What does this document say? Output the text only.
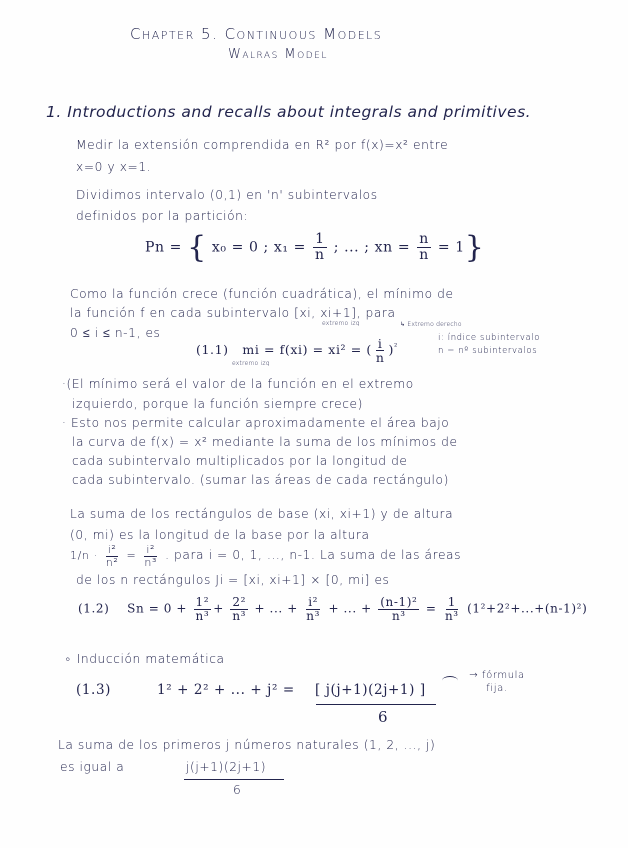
Chapter 5. Continuous Models
Walras Model
1. Introductions and recalls about integrals and primitives.
Medir la extensión comprendida en R² por f(x)=x² entre
x=0 y x=1.
Dividimos intervalo (0,1) en 'n' subintervalos
definidos por la partición:
Pn = { x₀ = 0 ; $x_1 = \frac{1}{n}$ ; ... ; xn = $\frac{n}{n} = 1$}
Como la función crece (función cuadrática), el mínimo de
la función f en cada subintervalo [xi, xi+1], para
extremo izq	↳ Extremo derecho
0 ≤ i ≤ n-1, es
(1.1) mi = f(xi) = xi² = ( $\frac{i}{n} )^{^2}$
extremo izq
i: índice subintervalo
n = nº subintervalos
·(El mínimo será el valor de la función en el extremo
izquierdo, porque la función siempre crece)
· Esto nos permite calcular aproximadamente el área bajo
la curva de f(x) = x² mediante la suma de los mínimos de
cada subintervalo multiplicados por la longitud de
cada subintervalo. (sumar las áreas de cada rectángulo)
La suma de los rectángulos de base (xi, xi+1) y de altura
(0, mi) es la longitud de la base por la altura
$1/n \cdot \frac{\text{i²}}{\text{n²}} = \frac{\text{i²}}{\text{n³}}$ . para i = 0, 1, ..., n-1. La suma de las áreas
de los n rectángulos Ji = [xi, xi+1] × [0, mi] es
(1.2) $Sn = 0 + \frac{\text{1²}}{\text{n³}} + \frac{\text{2²}}{\text{n³}}$ + ... + $\frac{\text{i²}}{\text{n³}}$ + ... + $\frac{\text{(n-1)²}}{\text{n³}} = \frac{1}{\text{n³}} (1^2+2^2+...+(n-1)^2)$
∘ Inducción matemática
(1.3)	1² + 2² + ... + j² = [ j(j+1)(2j+1) ]
6
→ fórmula fija.
La suma de los primeros j números naturales (1, 2, ..., j)
es igual a	j(j+1)(2j+1)
6
